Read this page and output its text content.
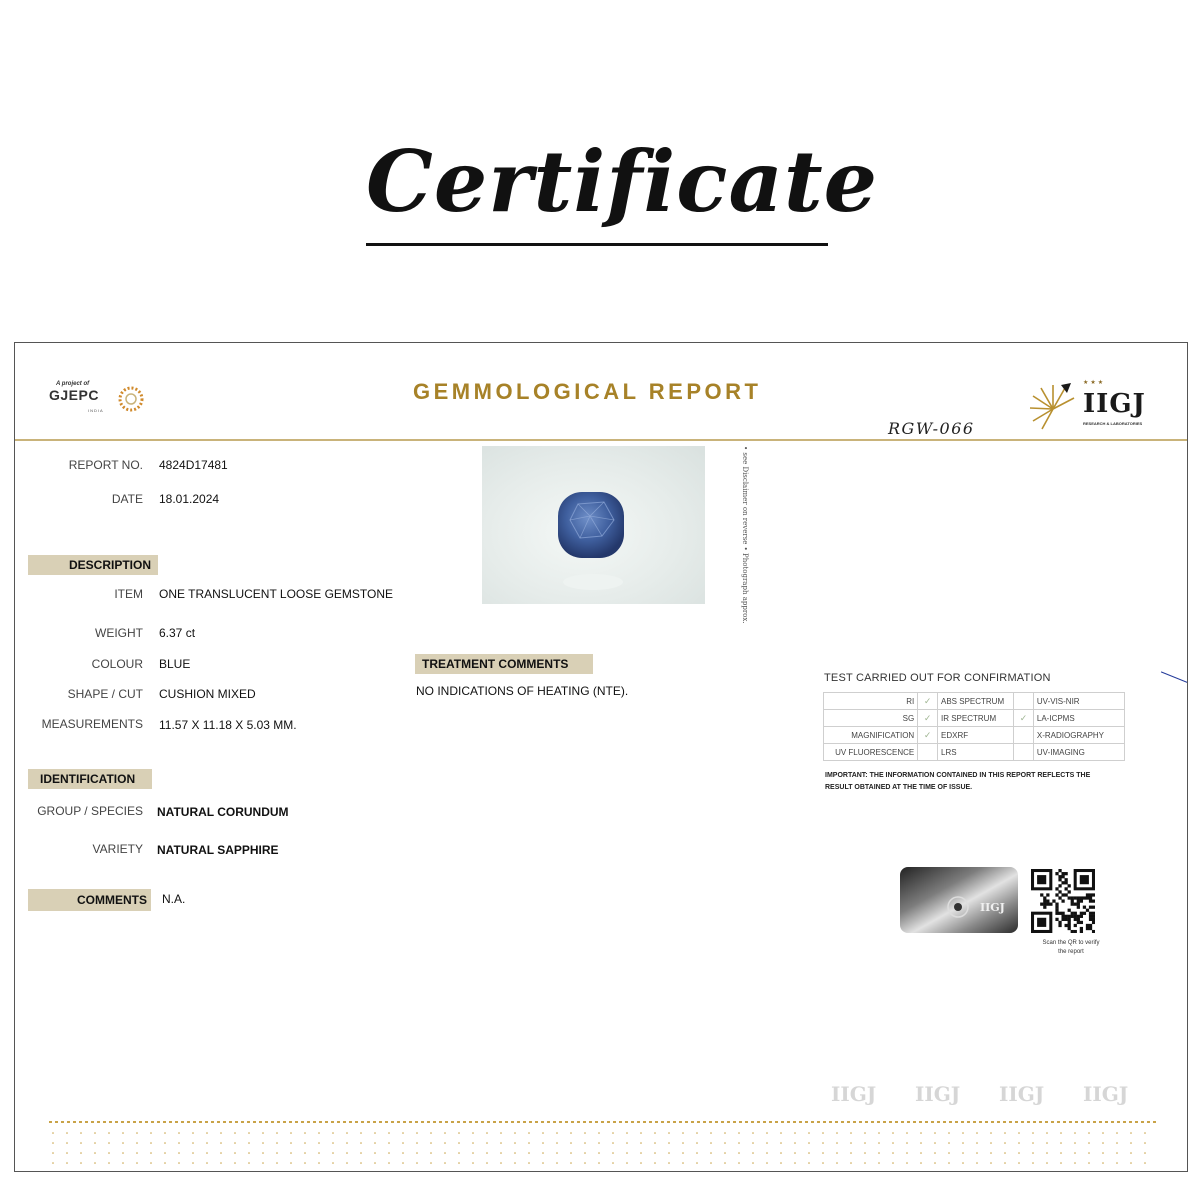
Certificate
A project of
GJEPC
INDIA
GEMMOLOGICAL REPORT	★★★
IIGJ
RESEARCH & LABORATORIES
RGW-066
REPORT NO. 4824D17481
DATE 18.01.2024
DESCRIPTION
ITEM ONE TRANSLUCENT LOOSE GEMSTONE
WEIGHT 6.37 ct
COLOUR BLUE
SHAPE / CUT CUSHION MIXED
MEASUREMENTS 11.57 X 11.18 X 5.03 MM.
IDENTIFICATION
GROUP / SPECIES NATURAL CORUNDUM
VARIETY NATURAL SAPPHIRE
COMMENTS	N.A.
• see Disclaimer on reverse • Photograph approx.
TREATMENT COMMENTS
NO INDICATIONS OF HEATING (NTE).
TEST CARRIED OUT FOR CONFIRMATION
RI	✓	ABS SPECTRUM		UV-VIS-NIR
SG	✓	IR SPECTRUM	✓	LA-ICPMS
MAGNIFICATION	✓	EDXRF		X-RADIOGRAPHY
UV FLUORESCENCE		LRS		UV-IMAGING
IMPORTANT: THE INFORMATION CONTAINED IN THIS REPORT REFLECTS THE RESULT OBTAINED AT THE TIME OF ISSUE.
IIGJ
Scan the QR to verify the report
IIGJ IIGJ IIGJ IIGJ
